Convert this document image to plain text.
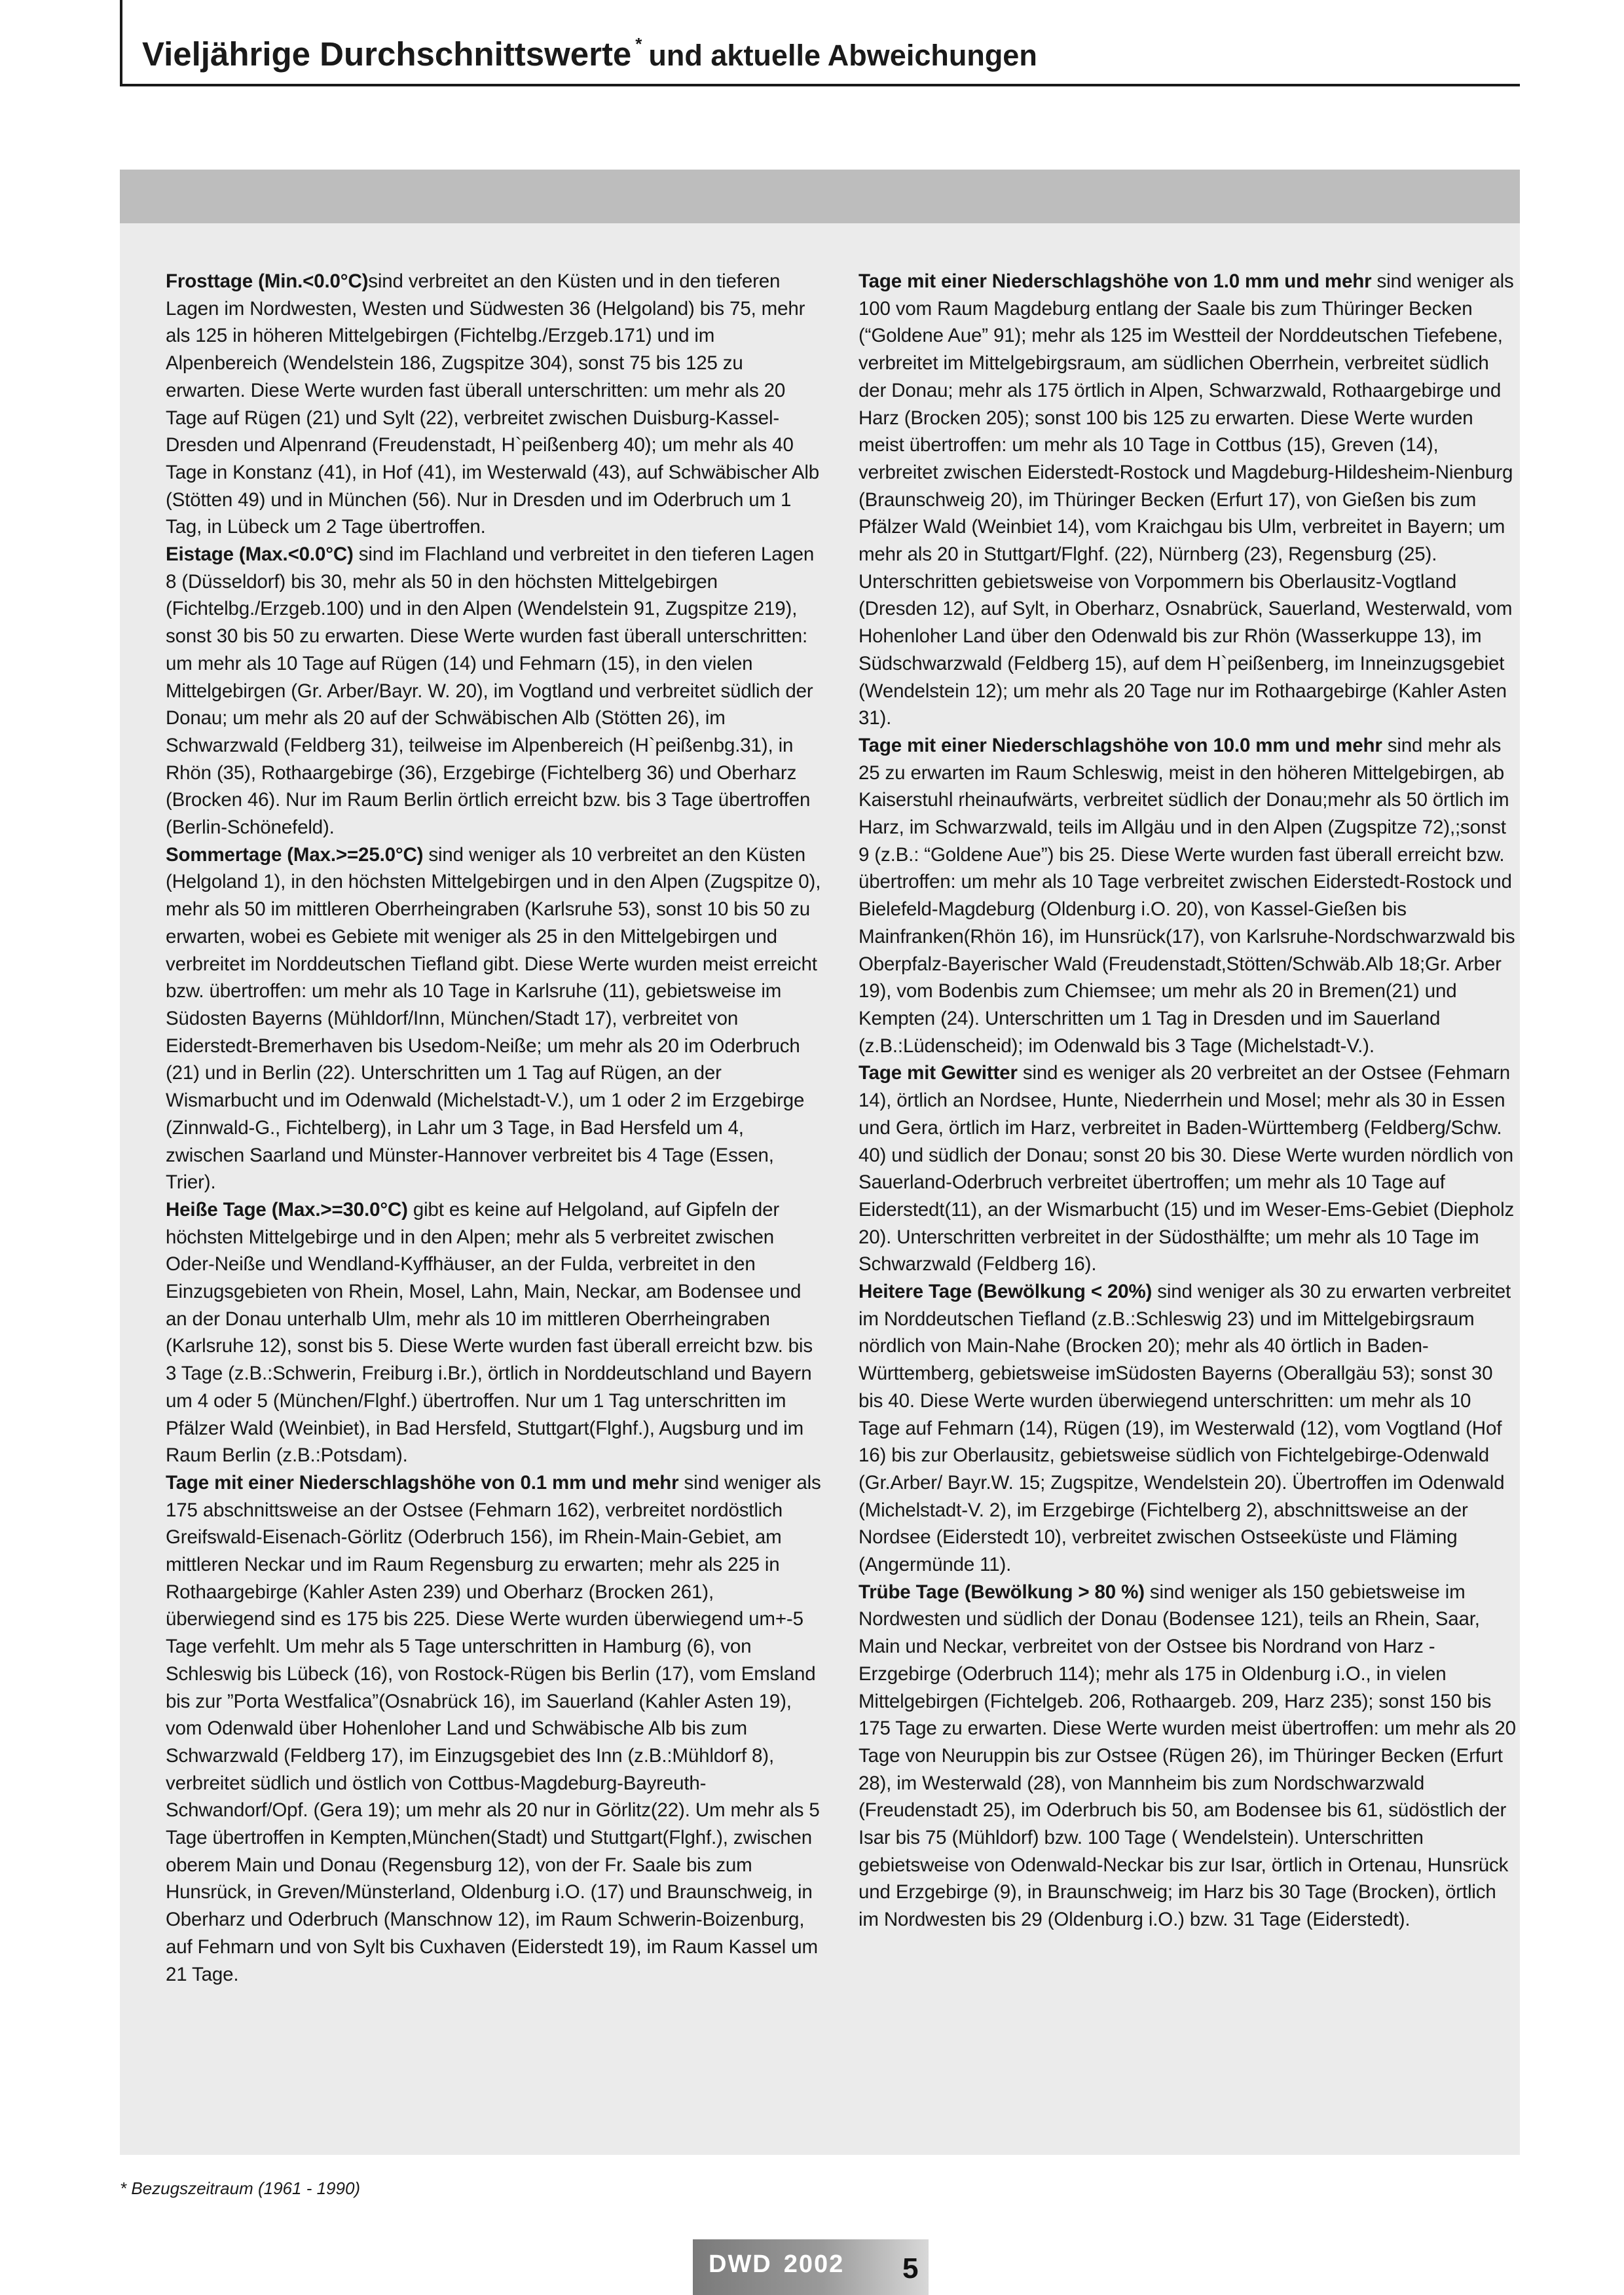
Vieljährige Durchschnittswerte * und aktuelle Abweichungen

Frosttage (Min.<0.0°C)sind verbreitet an den Küsten und in den tieferen Lagen im Nordwesten, Westen und Südwesten 36 (Helgoland) bis 75, mehr als 125 in höheren Mittelgebirgen (Fichtelbg./Erzgeb.171) und im Alpenbereich (Wendelstein 186, Zugspitze 304), sonst 75 bis 125 zu erwarten. Diese Werte wurden fast überall unterschritten: um mehr als 20 Tage auf Rügen (21) und Sylt (22), verbreitet zwischen Duisburg-Kassel-Dresden und Alpenrand (Freudenstadt, H`peißenberg 40); um mehr als 40 Tage in Konstanz (41), in Hof (41), im Westerwald (43), auf Schwäbischer Alb (Stötten 49) und in München (56). Nur in Dresden und im Oderbruch um 1 Tag, in Lübeck um 2 Tage übertroffen.

Eistage (Max.<0.0°C) sind im Flachland und verbreitet in den tieferen Lagen 8 (Düsseldorf) bis 30, mehr als 50 in den höchsten Mittelgebirgen (Fichtelbg./Erzgeb.100) und in den Alpen (Wendelstein 91, Zugspitze 219), sonst 30 bis 50 zu erwarten. Diese Werte wurden fast überall unterschritten: um mehr als 10 Tage auf Rügen (14) und Fehmarn (15), in den vielen Mittelgebirgen (Gr. Arber/Bayr. W. 20), im Vogtland und verbreitet südlich der Donau; um mehr als 20 auf der Schwäbischen Alb (Stötten 26), im Schwarzwald (Feldberg 31), teilweise im Alpenbereich (H`peißenbg.31), in Rhön (35), Rothaargebirge (36), Erzgebirge (Fichtelberg 36) und Oberharz (Brocken 46). Nur im Raum Berlin örtlich erreicht bzw. bis 3 Tage übertroffen (Berlin-Schönefeld).

Sommertage (Max.>=25.0°C) sind weniger als 10 verbreitet an den Küsten (Helgoland 1), in den höchsten Mittelgebirgen und in den Alpen (Zugspitze 0), mehr als 50 im mittleren Oberrheingraben (Karlsruhe 53), sonst 10 bis 50 zu erwarten, wobei es Gebiete mit weniger als 25 in den Mittelgebirgen und verbreitet im Norddeutschen Tiefland gibt. Diese Werte wurden meist erreicht bzw. übertroffen: um mehr als 10 Tage in Karlsruhe (11), gebietsweise im Südosten Bayerns (Mühldorf/Inn, München/Stadt 17), verbreitet von Eiderstedt-Bremerhaven bis Usedom-Neiße; um mehr als 20 im Oderbruch (21) und in Berlin (22). Unterschritten um 1 Tag auf Rügen, an der Wismarbucht und im Odenwald (Michelstadt-V.), um 1 oder 2 im Erzgebirge (Zinnwald-G., Fichtelberg), in Lahr um 3 Tage, in Bad Hersfeld um 4, zwischen Saarland und Münster-Hannover verbreitet bis 4 Tage (Essen, Trier).

Heiße Tage (Max.>=30.0°C) gibt es keine auf Helgoland, auf Gipfeln der höchsten Mittelgebirge und in den Alpen; mehr als 5 verbreitet zwischen Oder-Neiße und Wendland-Kyffhäuser, an der Fulda, verbreitet in den Einzugsgebieten von Rhein, Mosel, Lahn, Main, Neckar, am Bodensee und an der Donau unterhalb Ulm, mehr als 10 im mittleren Oberrheingraben (Karlsruhe 12), sonst bis 5. Diese Werte wurden fast überall erreicht bzw. bis 3 Tage (z.B.:Schwerin, Freiburg i.Br.), örtlich in Norddeutschland und Bayern um 4 oder 5 (München/Flghf.) übertroffen. Nur um 1 Tag unterschritten im Pfälzer Wald (Weinbiet), in Bad Hersfeld, Stuttgart(Flghf.), Augsburg und im Raum Berlin (z.B.:Potsdam).

Tage mit einer Niederschlagshöhe von 0.1 mm und mehr sind weniger als 175 abschnittsweise an der Ostsee (Fehmarn 162), verbreitet nordöstlich Greifswald-Eisenach-Görlitz (Oderbruch 156), im Rhein-Main-Gebiet, am mittleren Neckar und im Raum Regensburg zu erwarten; mehr als 225 in Rothaargebirge (Kahler Asten 239) und Oberharz (Brocken 261), überwiegend sind es 175 bis 225. Diese Werte wurden überwiegend um+-5 Tage verfehlt. Um mehr als 5 Tage unterschritten in Hamburg (6), von Schleswig bis Lübeck (16), von Rostock-Rügen bis Berlin (17), vom Emsland bis zur ”Porta Westfalica”(Osnabrück 16), im Sauerland (Kahler Asten 19), vom Odenwald über Hohenloher Land und Schwäbische Alb bis zum Schwarzwald (Feldberg 17), im Einzugsgebiet des Inn (z.B.:Mühldorf 8), verbreitet südlich und östlich von Cottbus-Magdeburg-Bayreuth-Schwandorf/Opf. (Gera 19); um mehr als 20 nur in Görlitz(22). Um mehr als 5 Tage übertroffen in Kempten,München(Stadt) und Stuttgart(Flghf.), zwischen oberem Main und Donau (Regensburg 12), von der Fr. Saale bis zum Hunsrück, in Greven/Münsterland, Oldenburg i.O. (17) und Braunschweig, in Oberharz und Oderbruch (Manschnow 12), im Raum Schwerin-Boizenburg, auf Fehmarn und von Sylt bis Cuxhaven (Eiderstedt 19), im Raum Kassel um 21 Tage.

Tage mit einer Niederschlagshöhe von 1.0 mm und mehr sind weniger als 100 vom Raum Magdeburg entlang der Saale bis zum Thüringer Becken (“Goldene Aue” 91); mehr als 125 im Westteil der Norddeutschen Tiefebene, verbreitet im Mittelgebirgsraum, am südlichen Oberrhein, verbreitet südlich der Donau; mehr als 175 örtlich in Alpen, Schwarzwald, Rothaargebirge und Harz (Brocken 205); sonst 100 bis 125 zu erwarten. Diese Werte wurden meist übertroffen: um mehr als 10 Tage in Cottbus (15), Greven (14), verbreitet zwischen Eiderstedt-Rostock und Magdeburg-Hildesheim-Nienburg (Braunschweig 20), im Thüringer Becken (Erfurt 17), von Gießen bis zum Pfälzer Wald (Weinbiet 14), vom Kraichgau bis Ulm, verbreitet in Bayern; um mehr als 20 in Stuttgart/Flghf. (22), Nürnberg (23), Regensburg (25). Unterschritten gebietsweise von Vorpommern bis Oberlausitz-Vogtland (Dresden 12), auf Sylt, in Oberharz, Osnabrück, Sauerland, Westerwald, vom Hohenloher Land über den Odenwald bis zur Rhön (Wasserkuppe 13), im Südschwarzwald (Feldberg 15), auf dem H`peißenberg, im Inneinzugsgebiet (Wendelstein 12); um mehr als 20 Tage nur im Rothaargebirge (Kahler Asten 31).

Tage mit einer Niederschlagshöhe von 10.0 mm und mehr sind mehr als 25 zu erwarten im Raum Schleswig, meist in den höheren Mittelgebirgen, ab Kaiserstuhl rheinaufwärts, verbreitet südlich der Donau;mehr als 50 örtlich im Harz, im Schwarzwald, teils im Allgäu und in den Alpen (Zugspitze 72),;sonst 9 (z.B.: “Goldene Aue”) bis 25. Diese Werte wurden fast überall erreicht bzw. übertroffen: um mehr als 10 Tage verbreitet zwischen Eiderstedt-Rostock und Bielefeld-Magdeburg (Oldenburg i.O. 20), von Kassel-Gießen bis Mainfranken(Rhön 16), im Hunsrück(17), von Karlsruhe-Nordschwarzwald bis Oberpfalz-Bayerischer Wald (Freudenstadt,Stötten/Schwäb.Alb 18;Gr. Arber 19), vom Bodenbis zum Chiemsee; um mehr als 20 in Bremen(21) und Kempten (24). Unterschritten um 1 Tag in Dresden und im Sauerland (z.B.:Lüdenscheid); im Odenwald bis 3 Tage (Michelstadt-V.).

Tage mit Gewitter sind es weniger als 20 verbreitet an der Ostsee (Fehmarn 14), örtlich an Nordsee, Hunte, Niederrhein und Mosel; mehr als 30 in Essen und Gera, örtlich im Harz, verbreitet in Baden-Württemberg (Feldberg/Schw. 40) und südlich der Donau; sonst 20 bis 30. Diese Werte wurden nördlich von Sauerland-Oderbruch verbreitet übertroffen; um mehr als 10 Tage auf Eiderstedt(11), an der Wismarbucht (15) und im Weser-Ems-Gebiet (Diepholz 20). Unterschritten verbreitet in der Südosthälfte; um mehr als 10 Tage im Schwarzwald (Feldberg 16).

Heitere Tage (Bewölkung < 20%) sind weniger als 30 zu erwarten verbreitet im Norddeutschen Tiefland (z.B.:Schleswig 23) und im Mittelgebirgsraum nördlich von Main-Nahe (Brocken 20); mehr als 40 örtlich in Baden-Württemberg, gebietsweise imSüdosten Bayerns (Oberallgäu 53); sonst 30 bis 40. Diese Werte wurden überwiegend unterschritten: um mehr als 10 Tage auf Fehmarn (14), Rügen (19), im Westerwald (12), vom Vogtland (Hof 16) bis zur Oberlausitz, gebietsweise südlich von Fichtelgebirge-Odenwald (Gr.Arber/ Bayr.W. 15; Zugspitze, Wendelstein 20). Übertroffen im Odenwald (Michelstadt-V. 2), im Erzgebirge (Fichtelberg 2), abschnittsweise an der Nordsee (Eiderstedt 10), verbreitet zwischen Ostseeküste und Fläming (Angermünde 11).

Trübe Tage (Bewölkung > 80 %) sind weniger als 150 gebietsweise im Nordwesten und südlich der Donau (Bodensee 121), teils an Rhein, Saar, Main und Neckar, verbreitet von der Ostsee bis Nordrand von Harz -Erzgebirge (Oderbruch 114); mehr als 175 in Oldenburg i.O., in vielen Mittelgebirgen (Fichtelgeb. 206, Rothaargeb. 209, Harz 235); sonst 150 bis 175 Tage zu erwarten. Diese Werte wurden meist übertroffen: um mehr als 20 Tage von Neuruppin bis zur Ostsee (Rügen 26), im Thüringer Becken (Erfurt 28), im Westerwald (28), von Mannheim bis zum Nordschwarzwald (Freudenstadt 25), im Oderbruch bis 50, am Bodensee bis 61, südöstlich der Isar bis 75 (Mühldorf) bzw. 100 Tage ( Wendelstein). Unterschritten gebietsweise von Odenwald-Neckar bis zur Isar, örtlich in Ortenau, Hunsrück und Erzgebirge (9), in Braunschweig; im Harz bis 30 Tage (Brocken), örtlich im Nordwesten bis 29 (Oldenburg i.O.) bzw. 31 Tage (Eiderstedt).

* Bezugszeitraum (1961 - 1990)
DWD 2002 5
